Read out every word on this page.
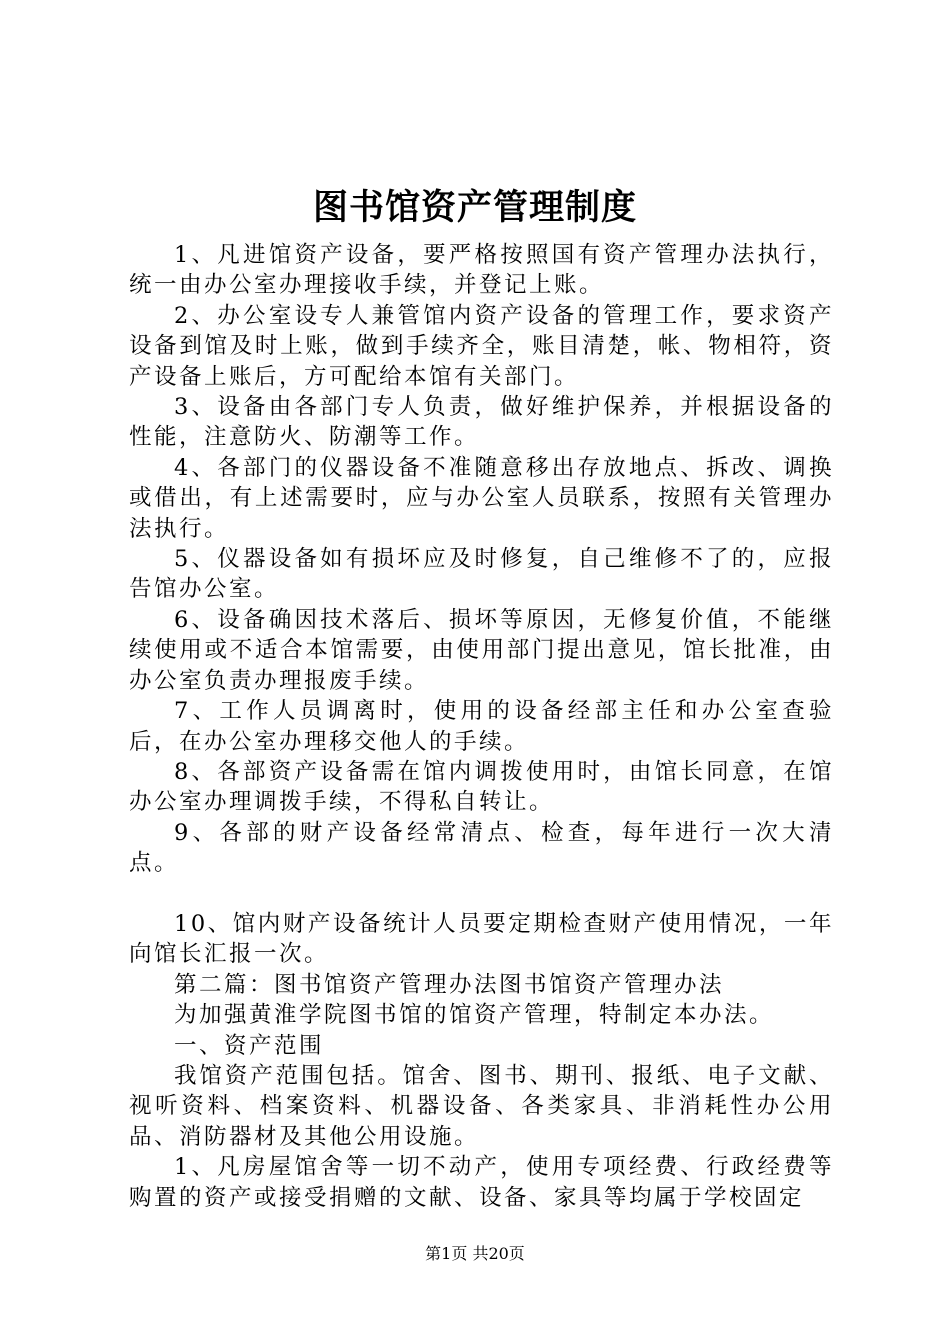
图书馆资产管理制度

1、凡进馆资产设备，要严格按照国有资产管理办法执行，统一由办公室办理接收手续，并登记上账。

2、办公室设专人兼管馆内资产设备的管理工作，要求资产设备到馆及时上账，做到手续齐全，账目清楚，帐、物相符，资产设备上账后，方可配给本馆有关部门。

3、设备由各部门专人负责，做好维护保养，并根据设备的性能，注意防火、防潮等工作。

4、各部门的仪器设备不准随意移出存放地点、拆改、调换或借出，有上述需要时，应与办公室人员联系，按照有关管理办法执行。

5、仪器设备如有损坏应及时修复，自己维修不了的，应报告馆办公室。

6、设备确因技术落后、损坏等原因，无修复价值，不能继续使用或不适合本馆需要，由使用部门提出意见，馆长批准，由办公室负责办理报废手续。

7、工作人员调离时，使用的设备经部主任和办公室查验后，在办公室办理移交他人的手续。

8、各部资产设备需在馆内调拨使用时，由馆长同意，在馆办公室办理调拨手续，不得私自转让。

9、各部的财产设备经常清点、检查，每年进行一次大清点。

10、馆内财产设备统计人员要定期检查财产使用情况，一年向馆长汇报一次。

第二篇：图书馆资产管理办法图书馆资产管理办法

为加强黄淮学院图书馆的馆资产管理，特制定本办法。

一、资产范围

我馆资产范围包括。馆舍、图书、期刊、报纸、电子文献、视听资料、档案资料、机器设备、各类家具、非消耗性办公用品、消防器材及其他公用设施。

1、凡房屋馆舍等一切不动产，使用专项经费、行政经费等购置的资产或接受捐赠的文献、设备、家具等均属于学校固定

第1页 共20页
